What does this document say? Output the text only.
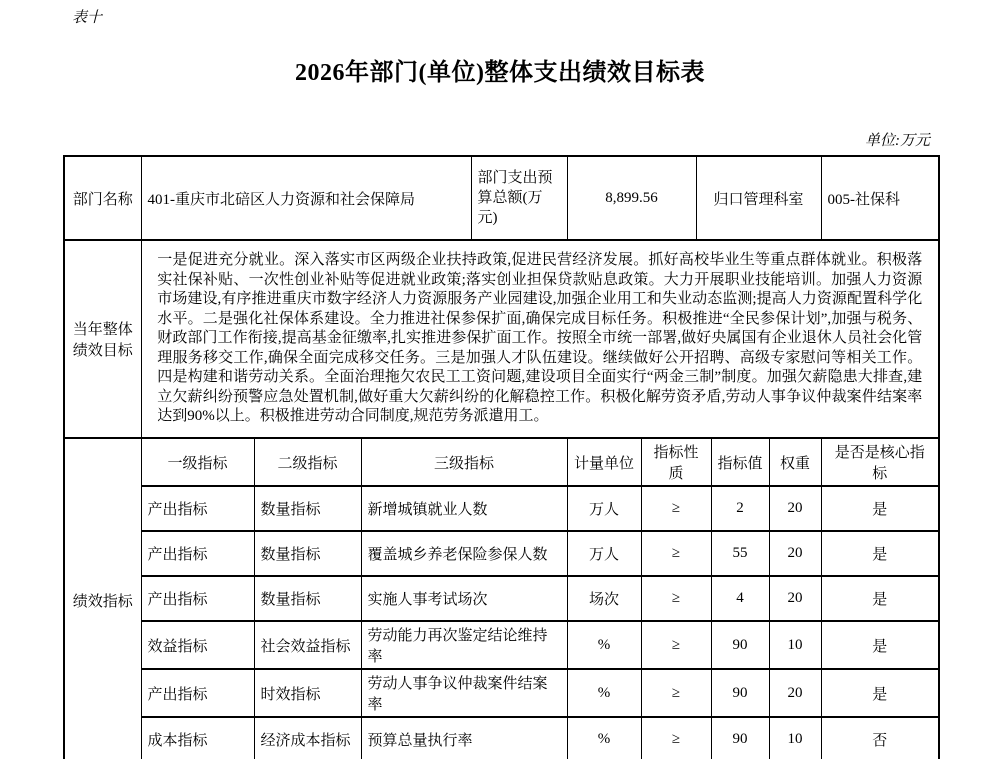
表十
2026年部门(单位)整体支出绩效目标表
单位:万元
部门名称	401-重庆市北碚区人力资源和社会保障局			部门支出预算总额(万元)	8,899.56		归口管理科室			005-社保科
当年整体绩效目标	一是促进充分就业。深入落实市区两级企业扶持政策,促进民营经济发展。抓好高校毕业生等重点群体就业。积极落实社保补贴、一次性创业补贴等促进就业政策;落实创业担保贷款贴息政策。大力开展职业技能培训。加强人力资源市场建设,有序推进重庆市数字经济人力资源服务产业园建设,加强企业用工和失业动态监测;提高人力资源配置科学化水平。二是强化社保体系建设。全力推进社保参保扩面,确保完成目标任务。积极推进“全民参保计划”,加强与税务、财政部门工作衔接,提高基金征缴率,扎实推进参保扩面工作。按照全市统一部署,做好央属国有企业退休人员社会化管理服务移交工作,确保全面完成移交任务。三是加强人才队伍建设。继续做好公开招聘、高级专家慰问等相关工作。四是构建和谐劳动关系。全面治理拖欠农民工工资问题,建设项目全面实行“两金三制”制度。加强欠薪隐患大排查,建立欠薪纠纷预警应急处置机制,做好重大欠薪纠纷的化解稳控工作。积极化解劳资矛盾,劳动人事争议仲裁案件结案率达到90%以上。积极推进劳动合同制度,规范劳务派遣用工。									

绩效指标	一级指标	二级指标	三级指标		计量单位	指标性质		指标值	权重	是否是核心指标
	产出指标	数量指标	新增城镇就业人数		万人	≥		2	20	是
	产出指标	数量指标	覆盖城乡养老保险参保人数		万人	≥		55	20	是
	产出指标	数量指标	实施人事考试场次		场次	≥		4	20	是
	效益指标	社会效益指标	劳动能力再次鉴定结论维持率		%	≥		90	10	是
	产出指标	时效指标	劳动人事争议仲裁案件结案率		%	≥		90	20	是
	成本指标	经济成本指标	预算总量执行率		%	≥		90	10	否
